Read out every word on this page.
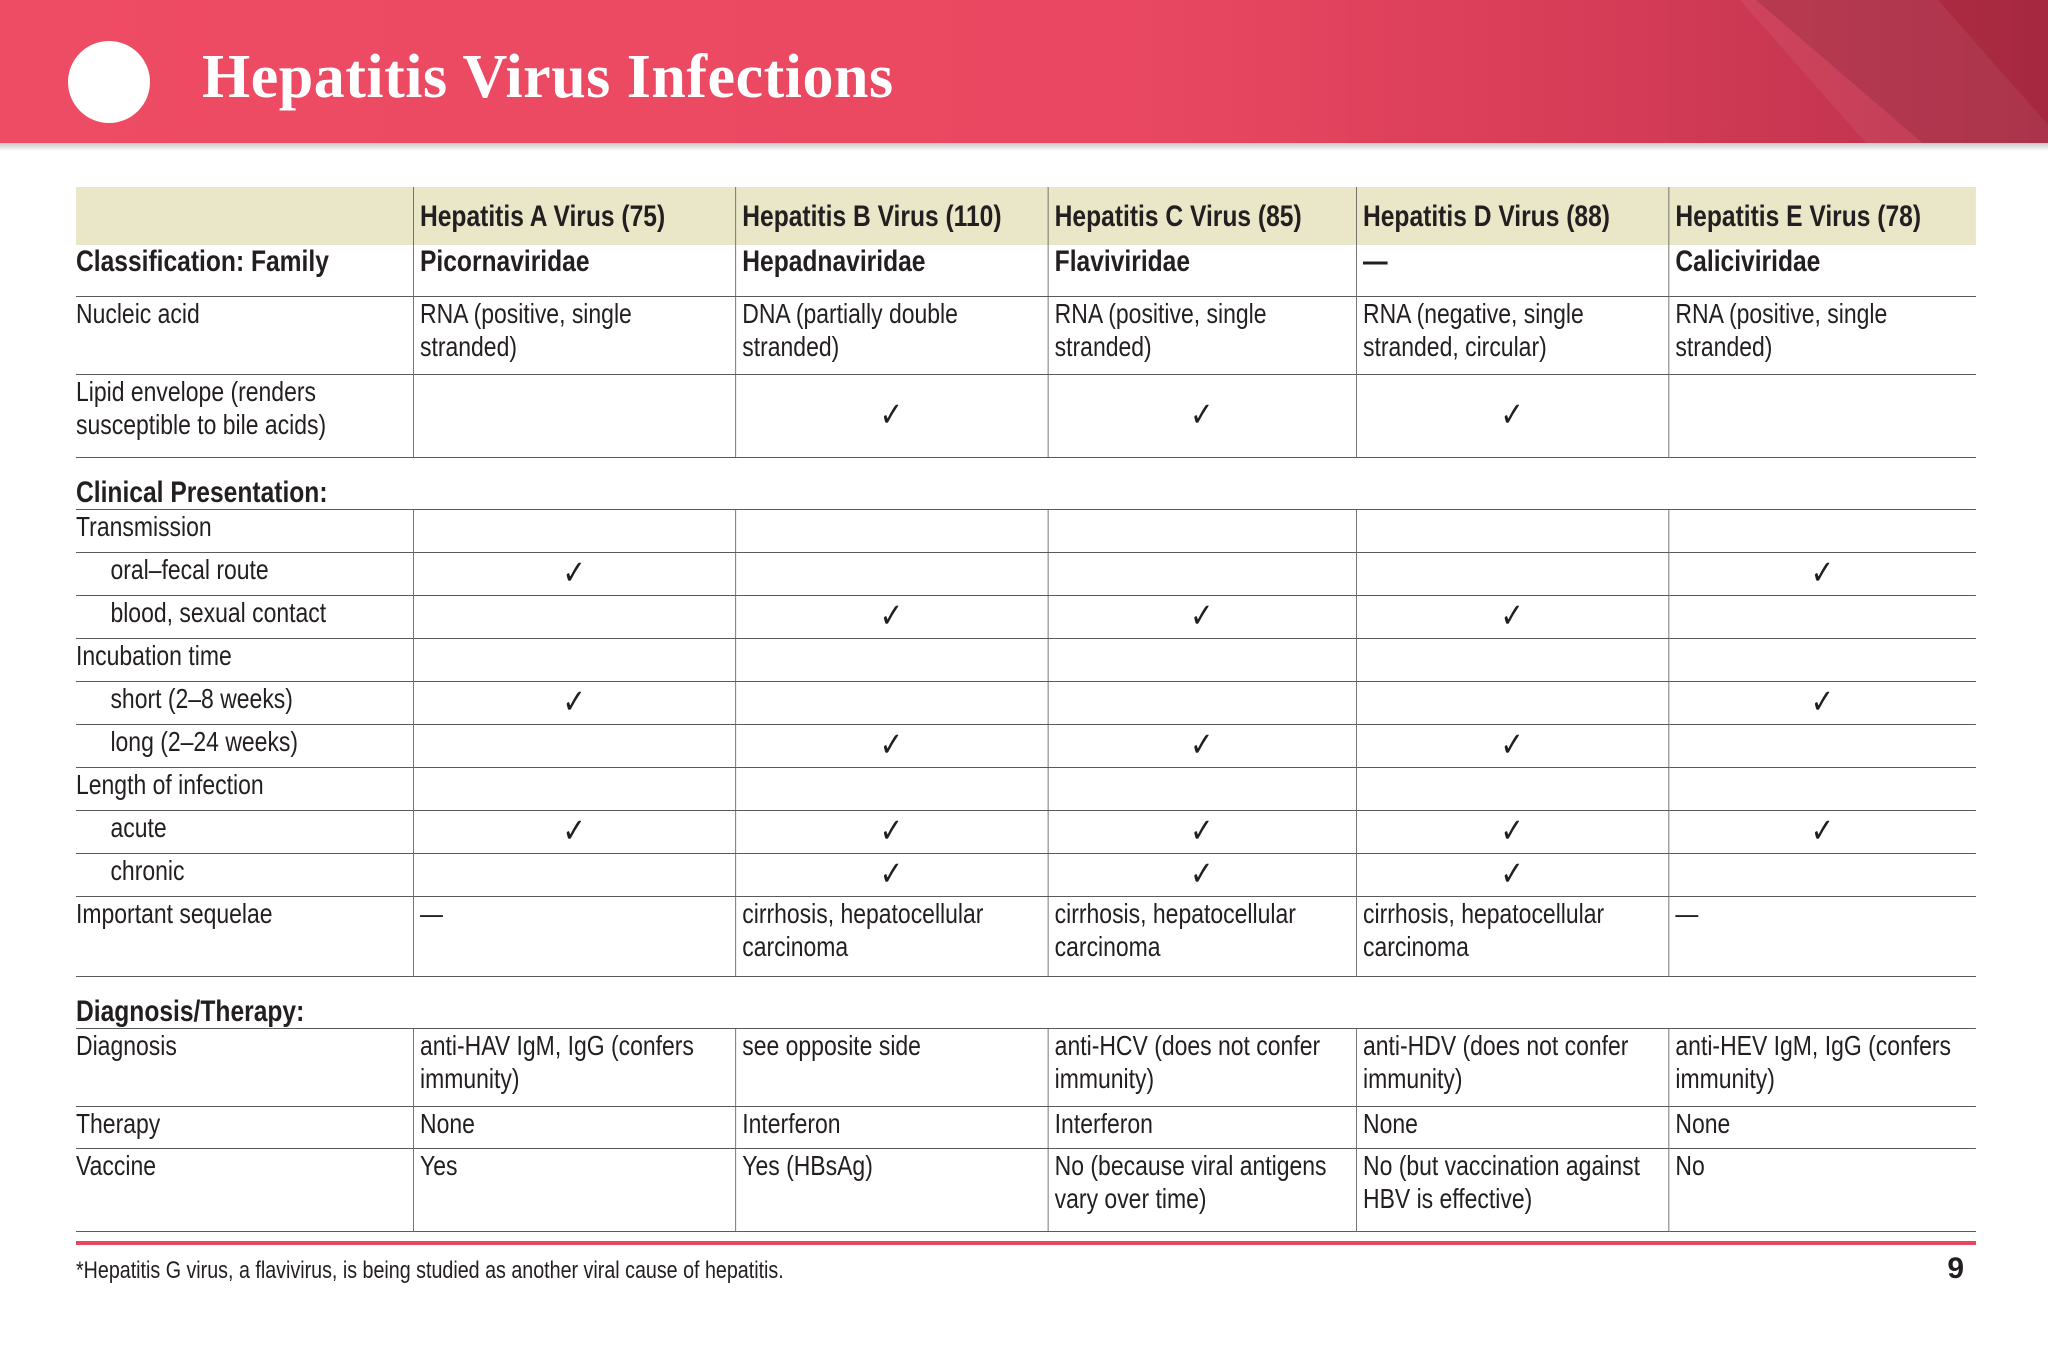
Hepatitis Virus Infections
	Hepatitis A Virus (75)	Hepatitis B Virus (110)	Hepatitis C Virus (85)	Hepatitis D Virus (88)	Hepatitis E Virus (78)
Classification: Family	Picornaviridae	Hepadnaviridae	Flaviviridae	—	Caliciviridae
Nucleic acid	RNA (positive, single stranded)	DNA (partially double stranded)	RNA (positive, single stranded)	RNA (negative, single stranded, circular)	RNA (positive, single stranded)
Lipid envelope (renders susceptible to bile acids)		✓	✓	✓	
Clinical Presentation:					
Transmission					
oral–fecal route	✓				✓
blood, sexual contact		✓	✓	✓	
Incubation time					
short (2–8 weeks)	✓				✓
long (2–24 weeks)		✓	✓	✓	
Length of infection					
acute	✓	✓	✓	✓	✓
chronic		✓	✓	✓	
Important sequelae	—	cirrhosis, hepatocellular carcinoma	cirrhosis, hepatocellular carcinoma	cirrhosis, hepatocellular carcinoma	—
Diagnosis/Therapy:					
Diagnosis	anti-HAV IgM, IgG (confers immunity)	see opposite side	anti-HCV (does not confer immunity)	anti-HDV (does not confer immunity)	anti-HEV IgM, IgG (confers immunity)
Therapy	None	Interferon	Interferon	None	None
Vaccine	Yes	Yes (HBsAg)	No (because viral antigens vary over time)	No (but vaccination against HBV is effective)	No
*Hepatitis G virus, a flavivirus, is being studied as another viral cause of hepatitis.	9
